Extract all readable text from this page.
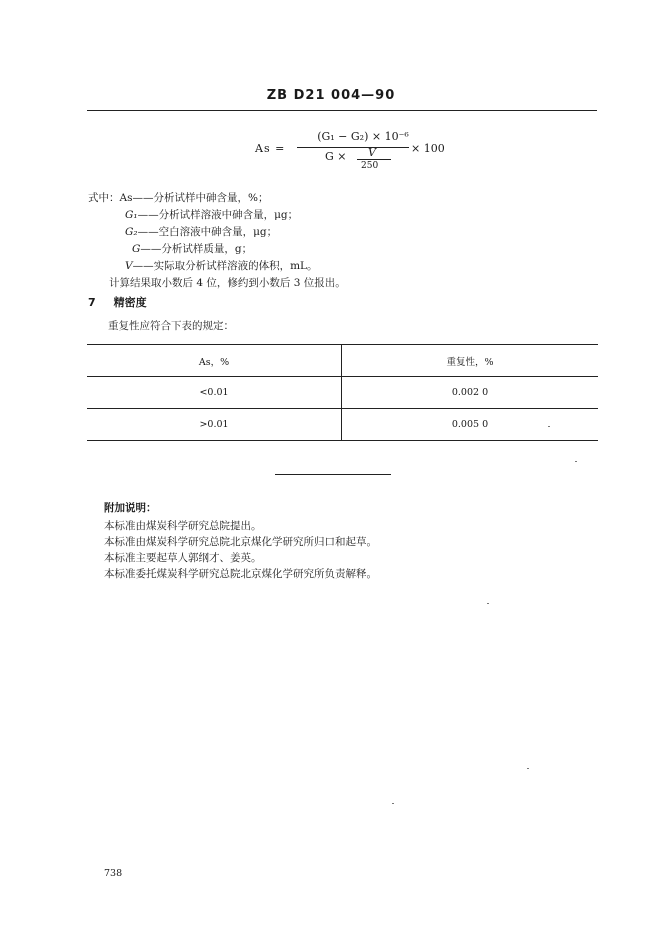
ZB D21 004—90
As =
(G₁ − G₂) × 10⁻⁶
× 100
G × V
250
式中：As——分析试样中砷含量，%；
G₁——分析试样溶液中砷含量，μg；
G₂——空白溶液中砷含量，μg；
G——分析试样质量，g；
V——实际取分析试样溶液的体积，mL。
计算结果取小数后 4 位，修约到小数后 3 位报出。
7 精密度
重复性应符合下表的规定：
As，%	重复性，%
<0.01	0.002 0
>0.01	0.005 0
附加说明：
本标准由煤炭科学研究总院提出。
本标准由煤炭科学研究总院北京煤化学研究所归口和起草。
本标准主要起草人郭纲才、姜英。
本标准委托煤炭科学研究总院北京煤化学研究所负责解释。
738
